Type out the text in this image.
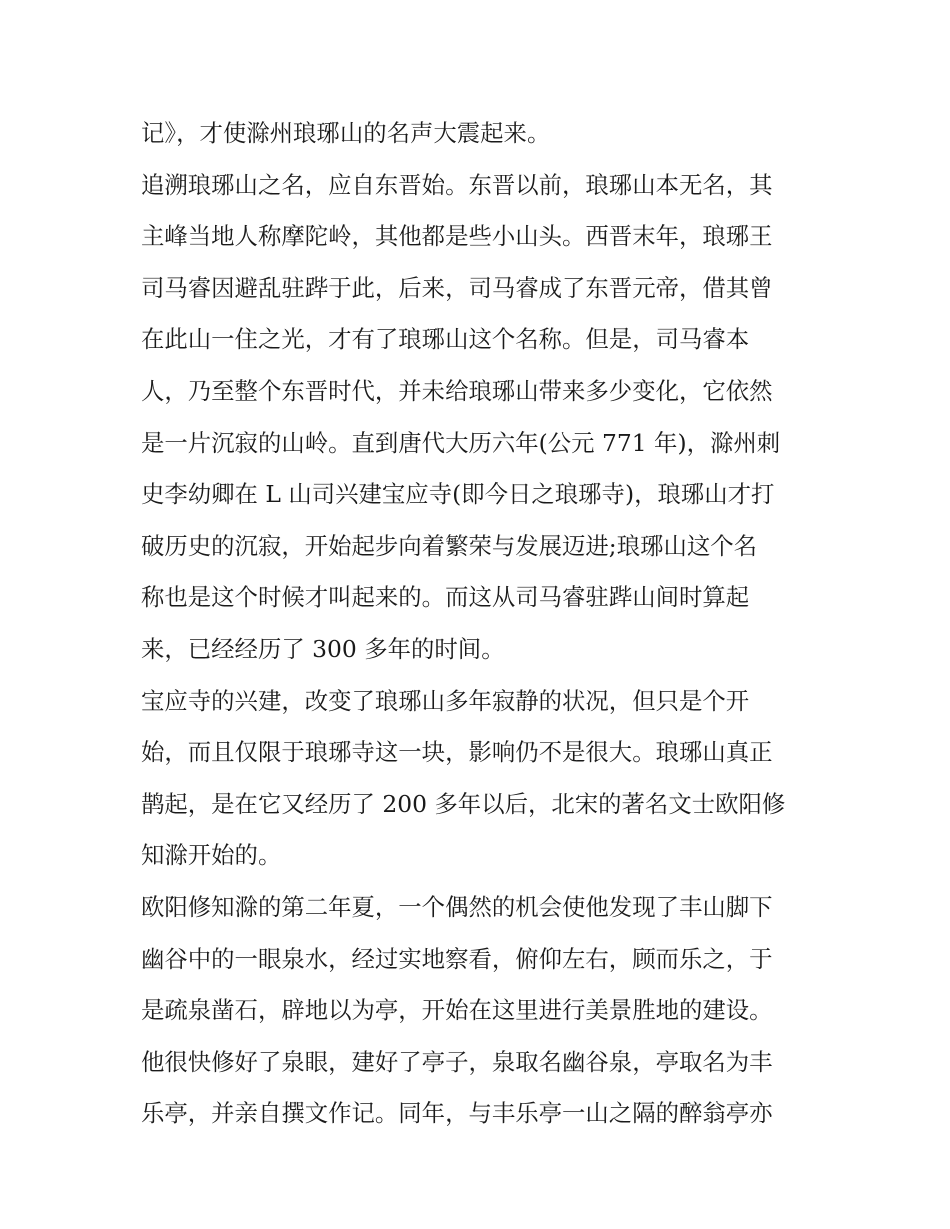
记》，才使滁州琅琊山的名声大震起来。
追溯琅琊山之名，应自东晋始。东晋以前，琅琊山本无名，其
主峰当地人称摩陀岭，其他都是些小山头。西晋末年，琅琊王
司马睿因避乱驻跸于此，后来，司马睿成了东晋元帝，借其曾
在此山一住之光，才有了琅琊山这个名称。但是，司马睿本
人，乃至整个东晋时代，并未给琅琊山带来多少变化，它依然
是一片沉寂的山岭。直到唐代大历六年(公元 771 年)，滁州刺
史李幼卿在 L 山司兴建宝应寺(即今日之琅琊寺)，琅琊山才打
破历史的沉寂，开始起步向着繁荣与发展迈进;琅琊山这个名
称也是这个时候才叫起来的。而这从司马睿驻跸山间时算起
来，已经经历了 300 多年的时间。
宝应寺的兴建，改变了琅琊山多年寂静的状况，但只是个开
始，而且仅限于琅琊寺这一块，影响仍不是很大。琅琊山真正
鹊起，是在它又经历了 200 多年以后，北宋的著名文士欧阳修
知滁开始的。
欧阳修知滁的第二年夏，一个偶然的机会使他发现了丰山脚下
幽谷中的一眼泉水，经过实地察看，俯仰左右，顾而乐之，于
是疏泉凿石，辟地以为亭，开始在这里进行美景胜地的建设。
他很快修好了泉眼，建好了亭子，泉取名幽谷泉，亭取名为丰
乐亭，并亲自撰文作记。同年，与丰乐亭一山之隔的醉翁亭亦
